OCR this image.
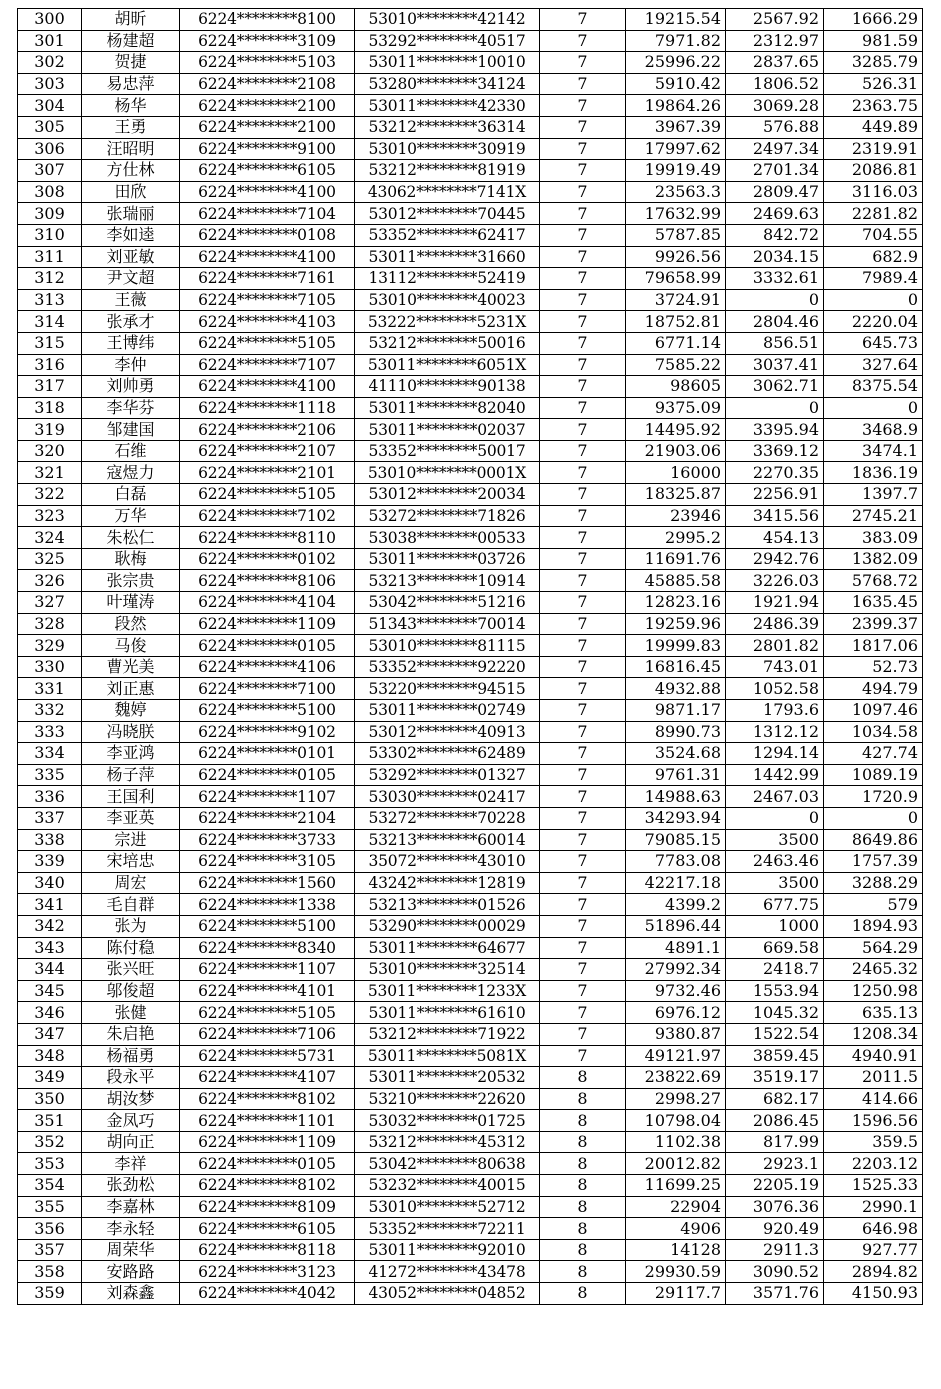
300	胡昕	6224********8100	53010********42142	7	19215.54	2567.92	1666.29
301	杨建超	6224********3109	53292********40517	7	7971.82	2312.97	981.59
302	贺捷	6224********5103	53011********10010	7	25996.22	2837.65	3285.79
303	易忠萍	6224********2108	53280********34124	7	5910.42	1806.52	526.31
304	杨华	6224********2100	53011********42330	7	19864.26	3069.28	2363.75
305	王勇	6224********2100	53212********36314	7	3967.39	576.88	449.89
306	汪昭明	6224********9100	53010********30919	7	17997.62	2497.34	2319.91
307	方仕林	6224********6105	53212********81919	7	19919.49	2701.34	2086.81
308	田欣	6224********4100	43062********7141X	7	23563.3	2809.47	3116.03
309	张瑞丽	6224********7104	53012********70445	7	17632.99	2469.63	2281.82
310	李如逵	6224********0108	53352********62417	7	5787.85	842.72	704.55
311	刘亚敏	6224********4100	53011********31660	7	9926.56	2034.15	682.9
312	尹文超	6224********7161	13112********52419	7	79658.99	3332.61	7989.4
313	王薇	6224********7105	53010********40023	7	3724.91	0	0
314	张承才	6224********4103	53222********5231X	7	18752.81	2804.46	2220.04
315	王博纬	6224********5105	53212********50016	7	6771.14	856.51	645.73
316	李仲	6224********7107	53011********6051X	7	7585.22	3037.41	327.64
317	刘帅勇	6224********4100	41110********90138	7	98605	3062.71	8375.54
318	李华芬	6224********1118	53011********82040	7	9375.09	0	0
319	邹建国	6224********2106	53011********02037	7	14495.92	3395.94	3468.9
320	石维	6224********2107	53352********50017	7	21903.06	3369.12	3474.1
321	寇煜力	6224********2101	53010********0001X	7	16000	2270.35	1836.19
322	白磊	6224********5105	53012********20034	7	18325.87	2256.91	1397.7
323	万华	6224********7102	53272********71826	7	23946	3415.56	2745.21
324	朱松仁	6224********8110	53038********00533	7	2995.2	454.13	383.09
325	耿梅	6224********0102	53011********03726	7	11691.76	2942.76	1382.09
326	张宗贵	6224********8106	53213********10914	7	45885.58	3226.03	5768.72
327	叶瑾涛	6224********4104	53042********51216	7	12823.16	1921.94	1635.45
328	段然	6224********1109	51343********70014	7	19259.96	2486.39	2399.37
329	马俊	6224********0105	53010********81115	7	19999.83	2801.82	1817.06
330	曹光美	6224********4106	53352********92220	7	16816.45	743.01	52.73
331	刘正惠	6224********7100	53220********94515	7	4932.88	1052.58	494.79
332	魏婷	6224********5100	53011********02749	7	9871.17	1793.6	1097.46
333	冯晓朕	6224********9102	53012********40913	7	8990.73	1312.12	1034.58
334	李亚鸿	6224********0101	53302********62489	7	3524.68	1294.14	427.74
335	杨子萍	6224********0105	53292********01327	7	9761.31	1442.99	1089.19
336	王国利	6224********1107	53030********02417	7	14988.63	2467.03	1720.9
337	李亚英	6224********2104	53272********70228	7	34293.94	0	0
338	宗进	6224********3733	53213********60014	7	79085.15	3500	8649.86
339	宋培忠	6224********3105	35072********43010	7	7783.08	2463.46	1757.39
340	周宏	6224********1560	43242********12819	7	42217.18	3500	3288.29
341	毛自群	6224********1338	53213********01526	7	4399.2	677.75	579
342	张为	6224********5100	53290********00029	7	51896.44	1000	1894.93
343	陈付稳	6224********8340	53011********64677	7	4891.1	669.58	564.29
344	张兴旺	6224********1107	53010********32514	7	27992.34	2418.7	2465.32
345	邬俊超	6224********4101	53011********1233X	7	9732.46	1553.94	1250.98
346	张健	6224********5105	53011********61610	7	6976.12	1045.32	635.13
347	朱启艳	6224********7106	53212********71922	7	9380.87	1522.54	1208.34
348	杨福勇	6224********5731	53011********5081X	7	49121.97	3859.45	4940.91
349	段永平	6224********4107	53011********20532	8	23822.69	3519.17	2011.5
350	胡汝梦	6224********8102	53210********22620	8	2998.27	682.17	414.66
351	金凤巧	6224********1101	53032********01725	8	10798.04	2086.45	1596.56
352	胡向正	6224********1109	53212********45312	8	1102.38	817.99	359.5
353	李祥	6224********0105	53042********80638	8	20012.82	2923.1	2203.12
354	张劲松	6224********8102	53232********40015	8	11699.25	2205.19	1525.33
355	李嘉林	6224********8109	53010********52712	8	22904	3076.36	2990.1
356	李永轻	6224********6105	53352********72211	8	4906	920.49	646.98
357	周荣华	6224********8118	53011********92010	8	14128	2911.3	927.77
358	安路路	6224********3123	41272********43478	8	29930.59	3090.52	2894.82
359	刘森鑫	6224********4042	43052********04852	8	29117.7	3571.76	4150.93
